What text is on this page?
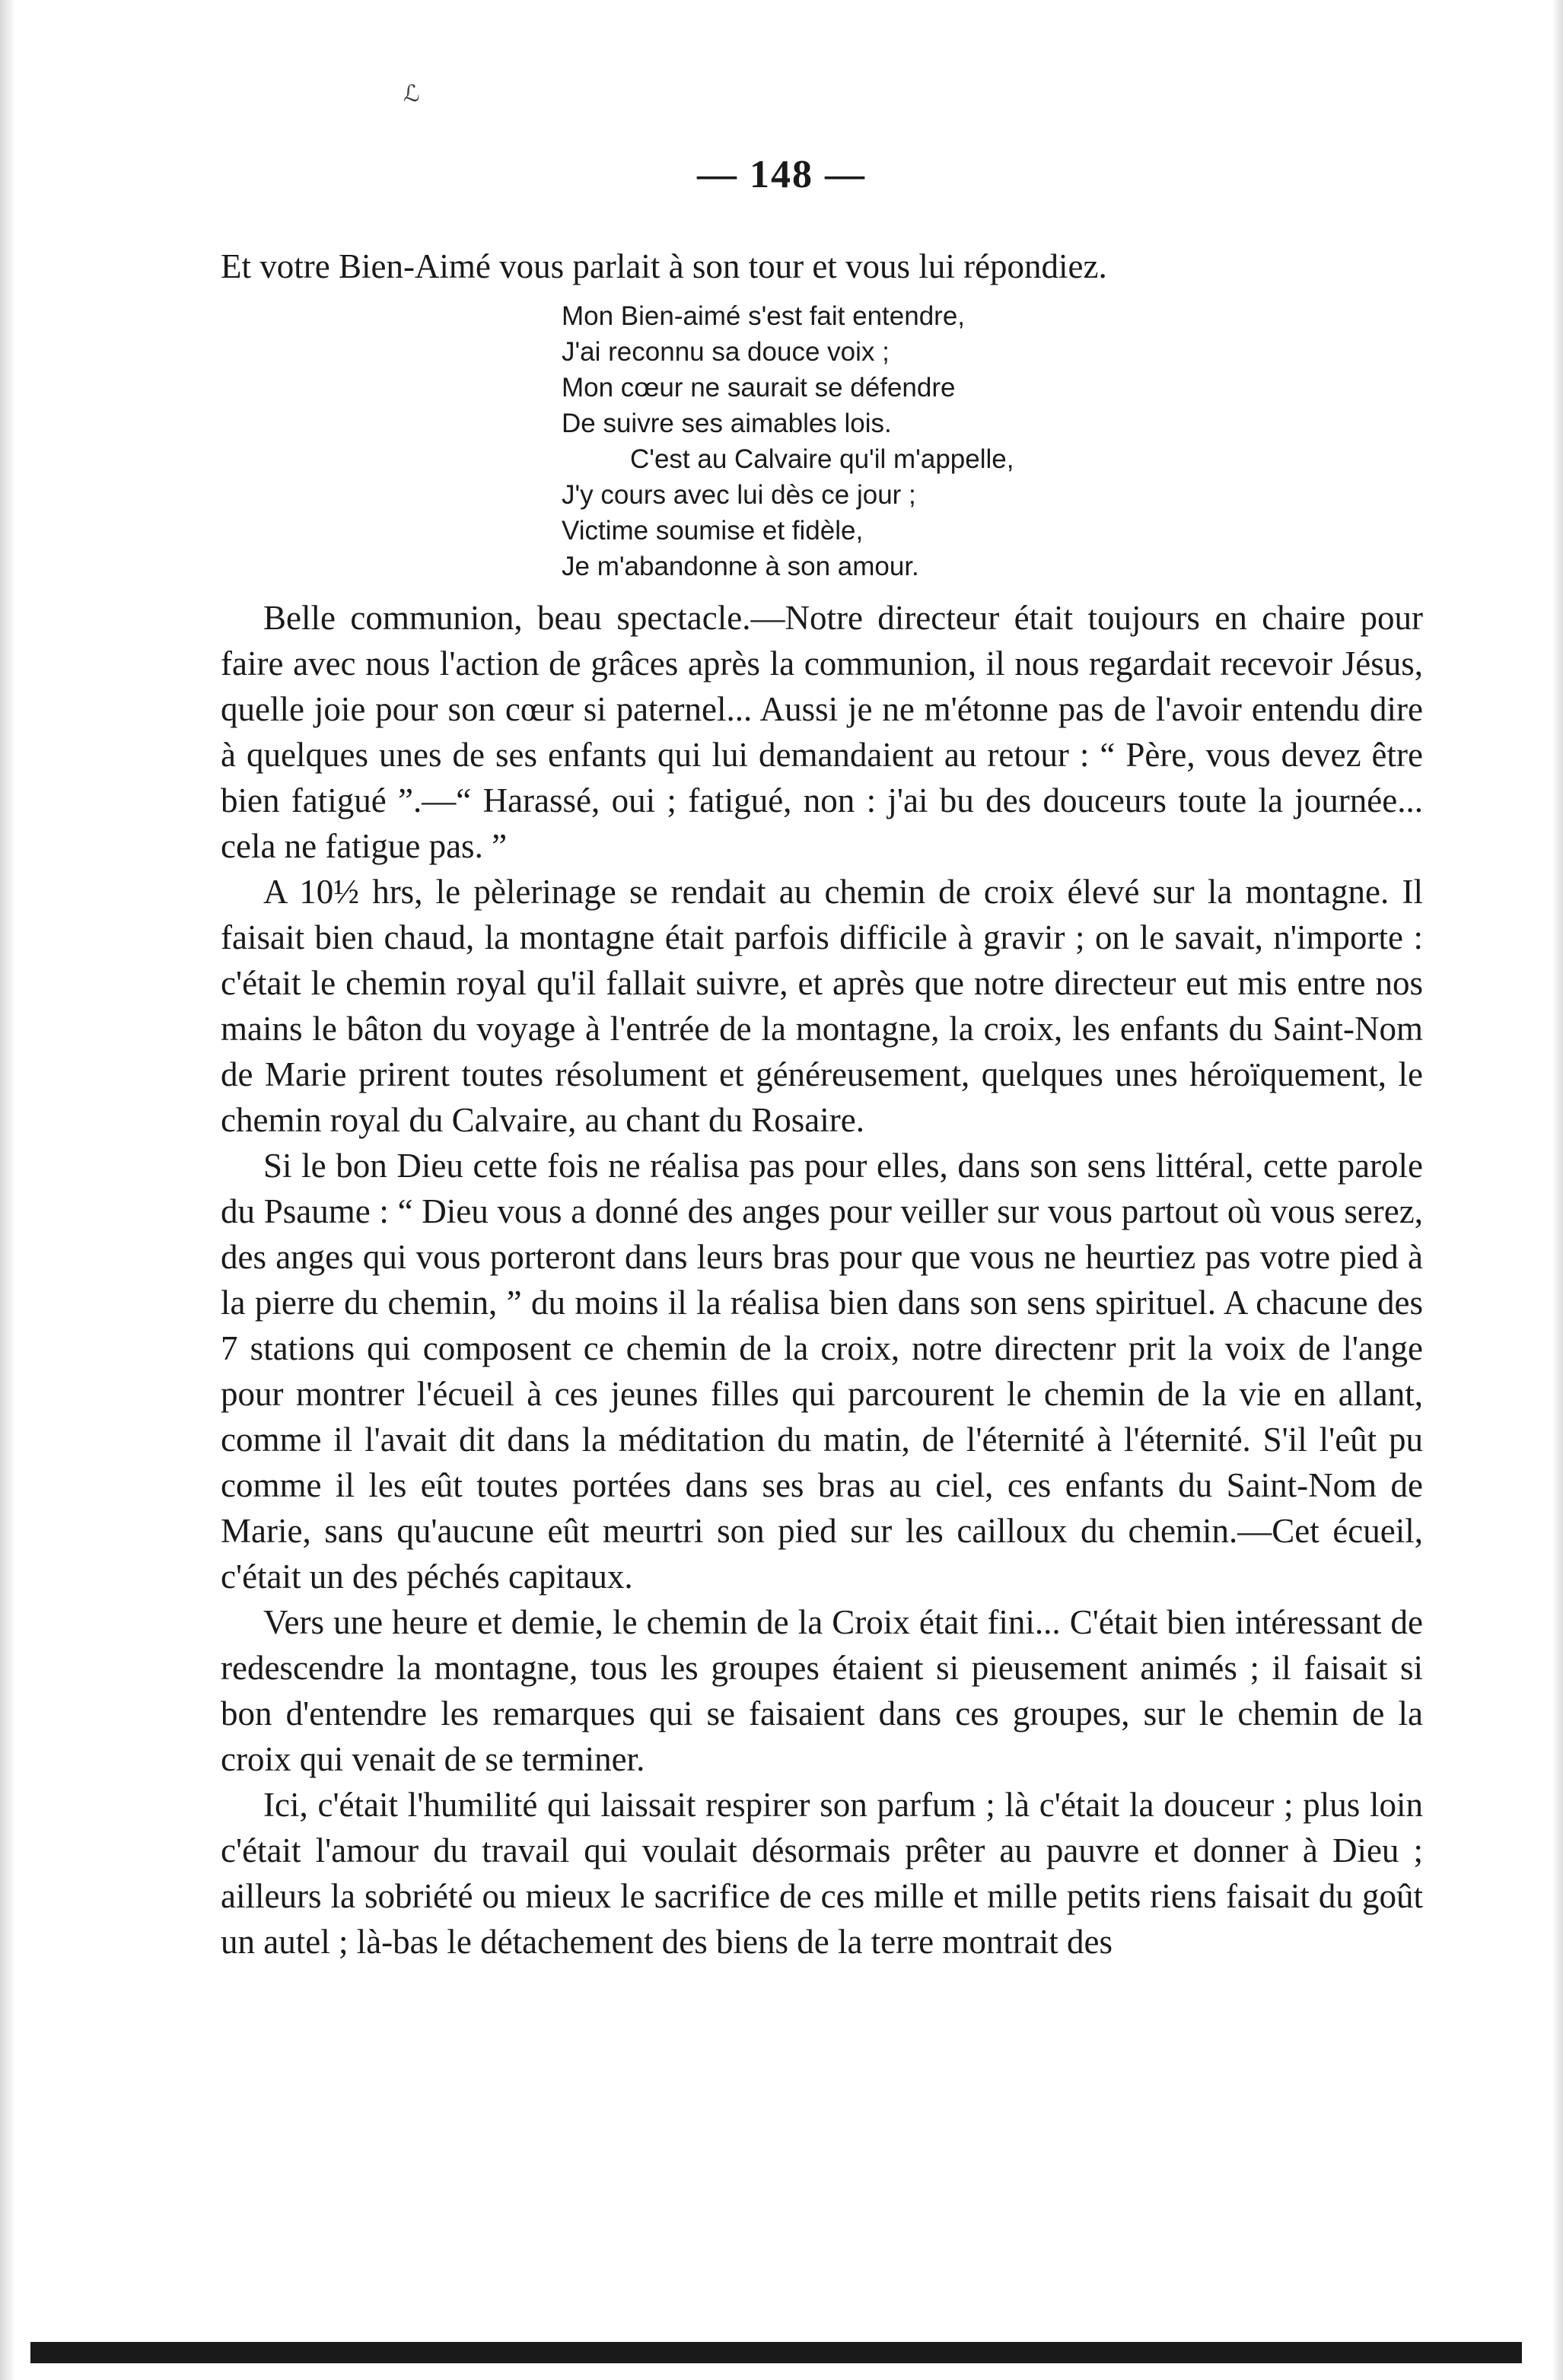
ℒ
— 148 —

Et votre Bien-Aimé vous parlait à son tour et vous lui répondiez.

Mon Bien-aimé s'est fait entendre,
J'ai reconnu sa douce voix ;
Mon cœur ne saurait se défendre
De suivre ses aimables lois.
C'est au Calvaire qu'il m'appelle,
J'y cours avec lui dès ce jour ;
Victime soumise et fidèle,
Je m'abandonne à son amour.

Belle communion, beau spectacle.—Notre directeur était toujours en chaire pour faire avec nous l'action de grâces après la communion, il nous regardait recevoir Jésus, quelle joie pour son cœur si paternel... Aussi je ne m'étonne pas de l'avoir entendu dire à quelques unes de ses enfants qui lui demandaient au retour : “ Père, vous devez être bien fatigué ”.—“ Harassé, oui ; fatigué, non : j'ai bu des douceurs toute la journée... cela ne fatigue pas. ”

A 10½ hrs, le pèlerinage se rendait au chemin de croix élevé sur la montagne. Il faisait bien chaud, la montagne était parfois difficile à gravir ; on le savait, n'importe : c'était le chemin royal qu'il fallait suivre, et après que notre directeur eut mis entre nos mains le bâton du voyage à l'entrée de la montagne, la croix, les enfants du Saint-Nom de Marie prirent toutes résolument et généreusement, quelques unes héroïquement, le chemin royal du Calvaire, au chant du Rosaire.

Si le bon Dieu cette fois ne réalisa pas pour elles, dans son sens littéral, cette parole du Psaume : “ Dieu vous a donné des anges pour veiller sur vous partout où vous serez, des anges qui vous porteront dans leurs bras pour que vous ne heurtiez pas votre pied à la pierre du chemin, ” du moins il la réalisa bien dans son sens spirituel. A chacune des 7 stations qui composent ce chemin de la croix, notre directenr prit la voix de l'ange pour montrer l'écueil à ces jeunes filles qui parcourent le chemin de la vie en allant, comme il l'avait dit dans la méditation du matin, de l'éternité à l'éternité. S'il l'eût pu comme il les eût toutes portées dans ses bras au ciel, ces enfants du Saint-Nom de Marie, sans qu'aucune eût meurtri son pied sur les cailloux du chemin.—Cet écueil, c'était un des péchés capitaux.

Vers une heure et demie, le chemin de la Croix était fini... C'était bien intéressant de redescendre la montagne, tous les groupes étaient si pieusement animés ; il faisait si bon d'entendre les remarques qui se faisaient dans ces groupes, sur le chemin de la croix qui venait de se terminer.

Ici, c'était l'humilité qui laissait respirer son parfum ; là c'était la douceur ; plus loin c'était l'amour du travail qui voulait désormais prêter au pauvre et donner à Dieu ; ailleurs la sobriété ou mieux le sacrifice de ces mille et mille petits riens faisait du goût un autel ; là-bas le détachement des biens de la terre montrait des
